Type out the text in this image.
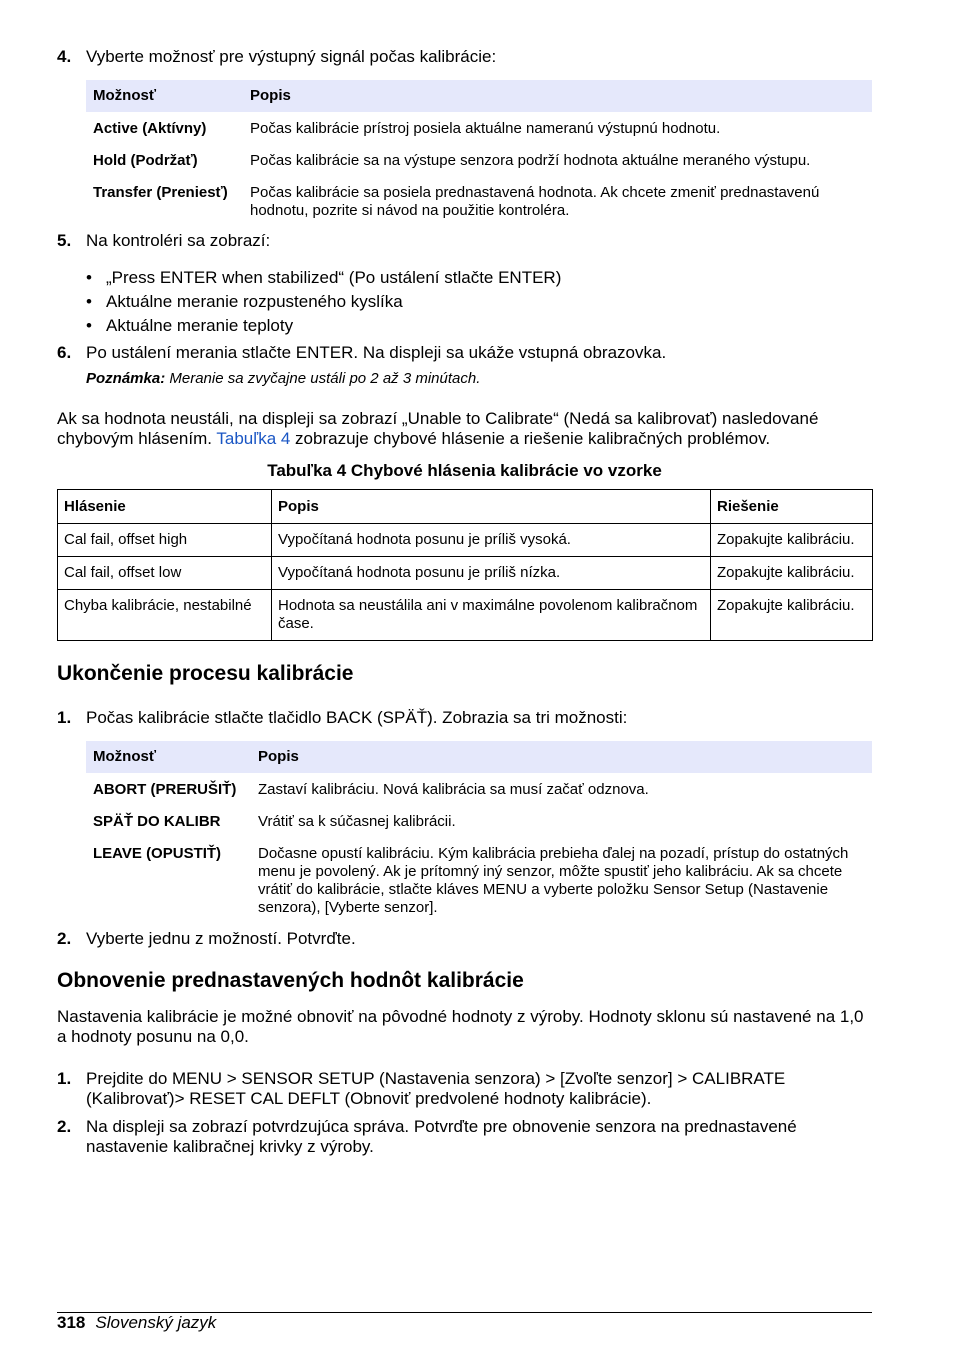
4. Vyberte možnosť pre výstupný signál počas kalibrácie:
Možnosť	Popis
Active (Aktívny)	Počas kalibrácie prístroj posiela aktuálne nameranú výstupnú hodnotu.
Hold (Podržať)	Počas kalibrácie sa na výstupe senzora podrží hodnota aktuálne meraného výstupu.
Transfer (Preniesť)	Počas kalibrácie sa posiela prednastavená hodnota. Ak chcete zmeniť prednastavenú hodnotu, pozrite si návod na použitie kontroléra.
5. Na kontroléri sa zobrazí:
• „Press ENTER when stabilized“ (Po ustálení stlačte ENTER)
• Aktuálne meranie rozpusteného kyslíka
• Aktuálne meranie teploty
6. Po ustálení merania stlačte ENTER. Na displeji sa ukáže vstupná obrazovka.
Poznámka: Meranie sa zvyčajne ustáli po 2 až 3 minútach.
Ak sa hodnota neustáli, na displeji sa zobrazí „Unable to Calibrate“ (Nedá sa kalibrovať) nasledované chybovým hlásením. Tabuľka 4 zobrazuje chybové hlásenie a riešenie kalibračných problémov.
Tabuľka 4 Chybové hlásenia kalibrácie vo vzorke
Hlásenie	Popis	Riešenie
Cal fail, offset high	Vypočítaná hodnota posunu je príliš vysoká.	Zopakujte kalibráciu.
Cal fail, offset low	Vypočítaná hodnota posunu je príliš nízka.	Zopakujte kalibráciu.
Chyba kalibrácie, nestabilné	Hodnota sa neustálila ani v maximálne povolenom kalibračnom čase.	Zopakujte kalibráciu.
Ukončenie procesu kalibrácie
1. Počas kalibrácie stlačte tlačidlo BACK (SPÄŤ). Zobrazia sa tri možnosti:
Možnosť	Popis
ABORT (PRERUŠIŤ)	Zastaví kalibráciu. Nová kalibrácia sa musí začať odznova.
SPÄŤ DO KALIBR	Vrátiť sa k súčasnej kalibrácii.
LEAVE (OPUSTIŤ)	Dočasne opustí kalibráciu. Kým kalibrácia prebieha ďalej na pozadí, prístup do ostatných menu je povolený. Ak je prítomný iný senzor, môžte spustiť jeho kalibráciu. Ak sa chcete vrátiť do kalibrácie, stlačte kláves MENU a vyberte položku Sensor Setup (Nastavenie senzora), [Vyberte senzor].
2. Vyberte jednu z možností. Potvrďte.
Obnovenie prednastavených hodnôt kalibrácie
Nastavenia kalibrácie je možné obnoviť na pôvodné hodnoty z výroby. Hodnoty sklonu sú nastavené na 1,0 a hodnoty posunu na 0,0.
1. Prejdite do MENU > SENSOR SETUP (Nastavenia senzora) > [Zvoľte senzor] > CALIBRATE (Kalibrovať)> RESET CAL DEFLT (Obnoviť predvolené hodnoty kalibrácie).
2. Na displeji sa zobrazí potvrdzujúca správa. Potvrďte pre obnovenie senzora na prednastavené nastavenie kalibračnej krivky z výroby.
318 Slovenský jazyk
